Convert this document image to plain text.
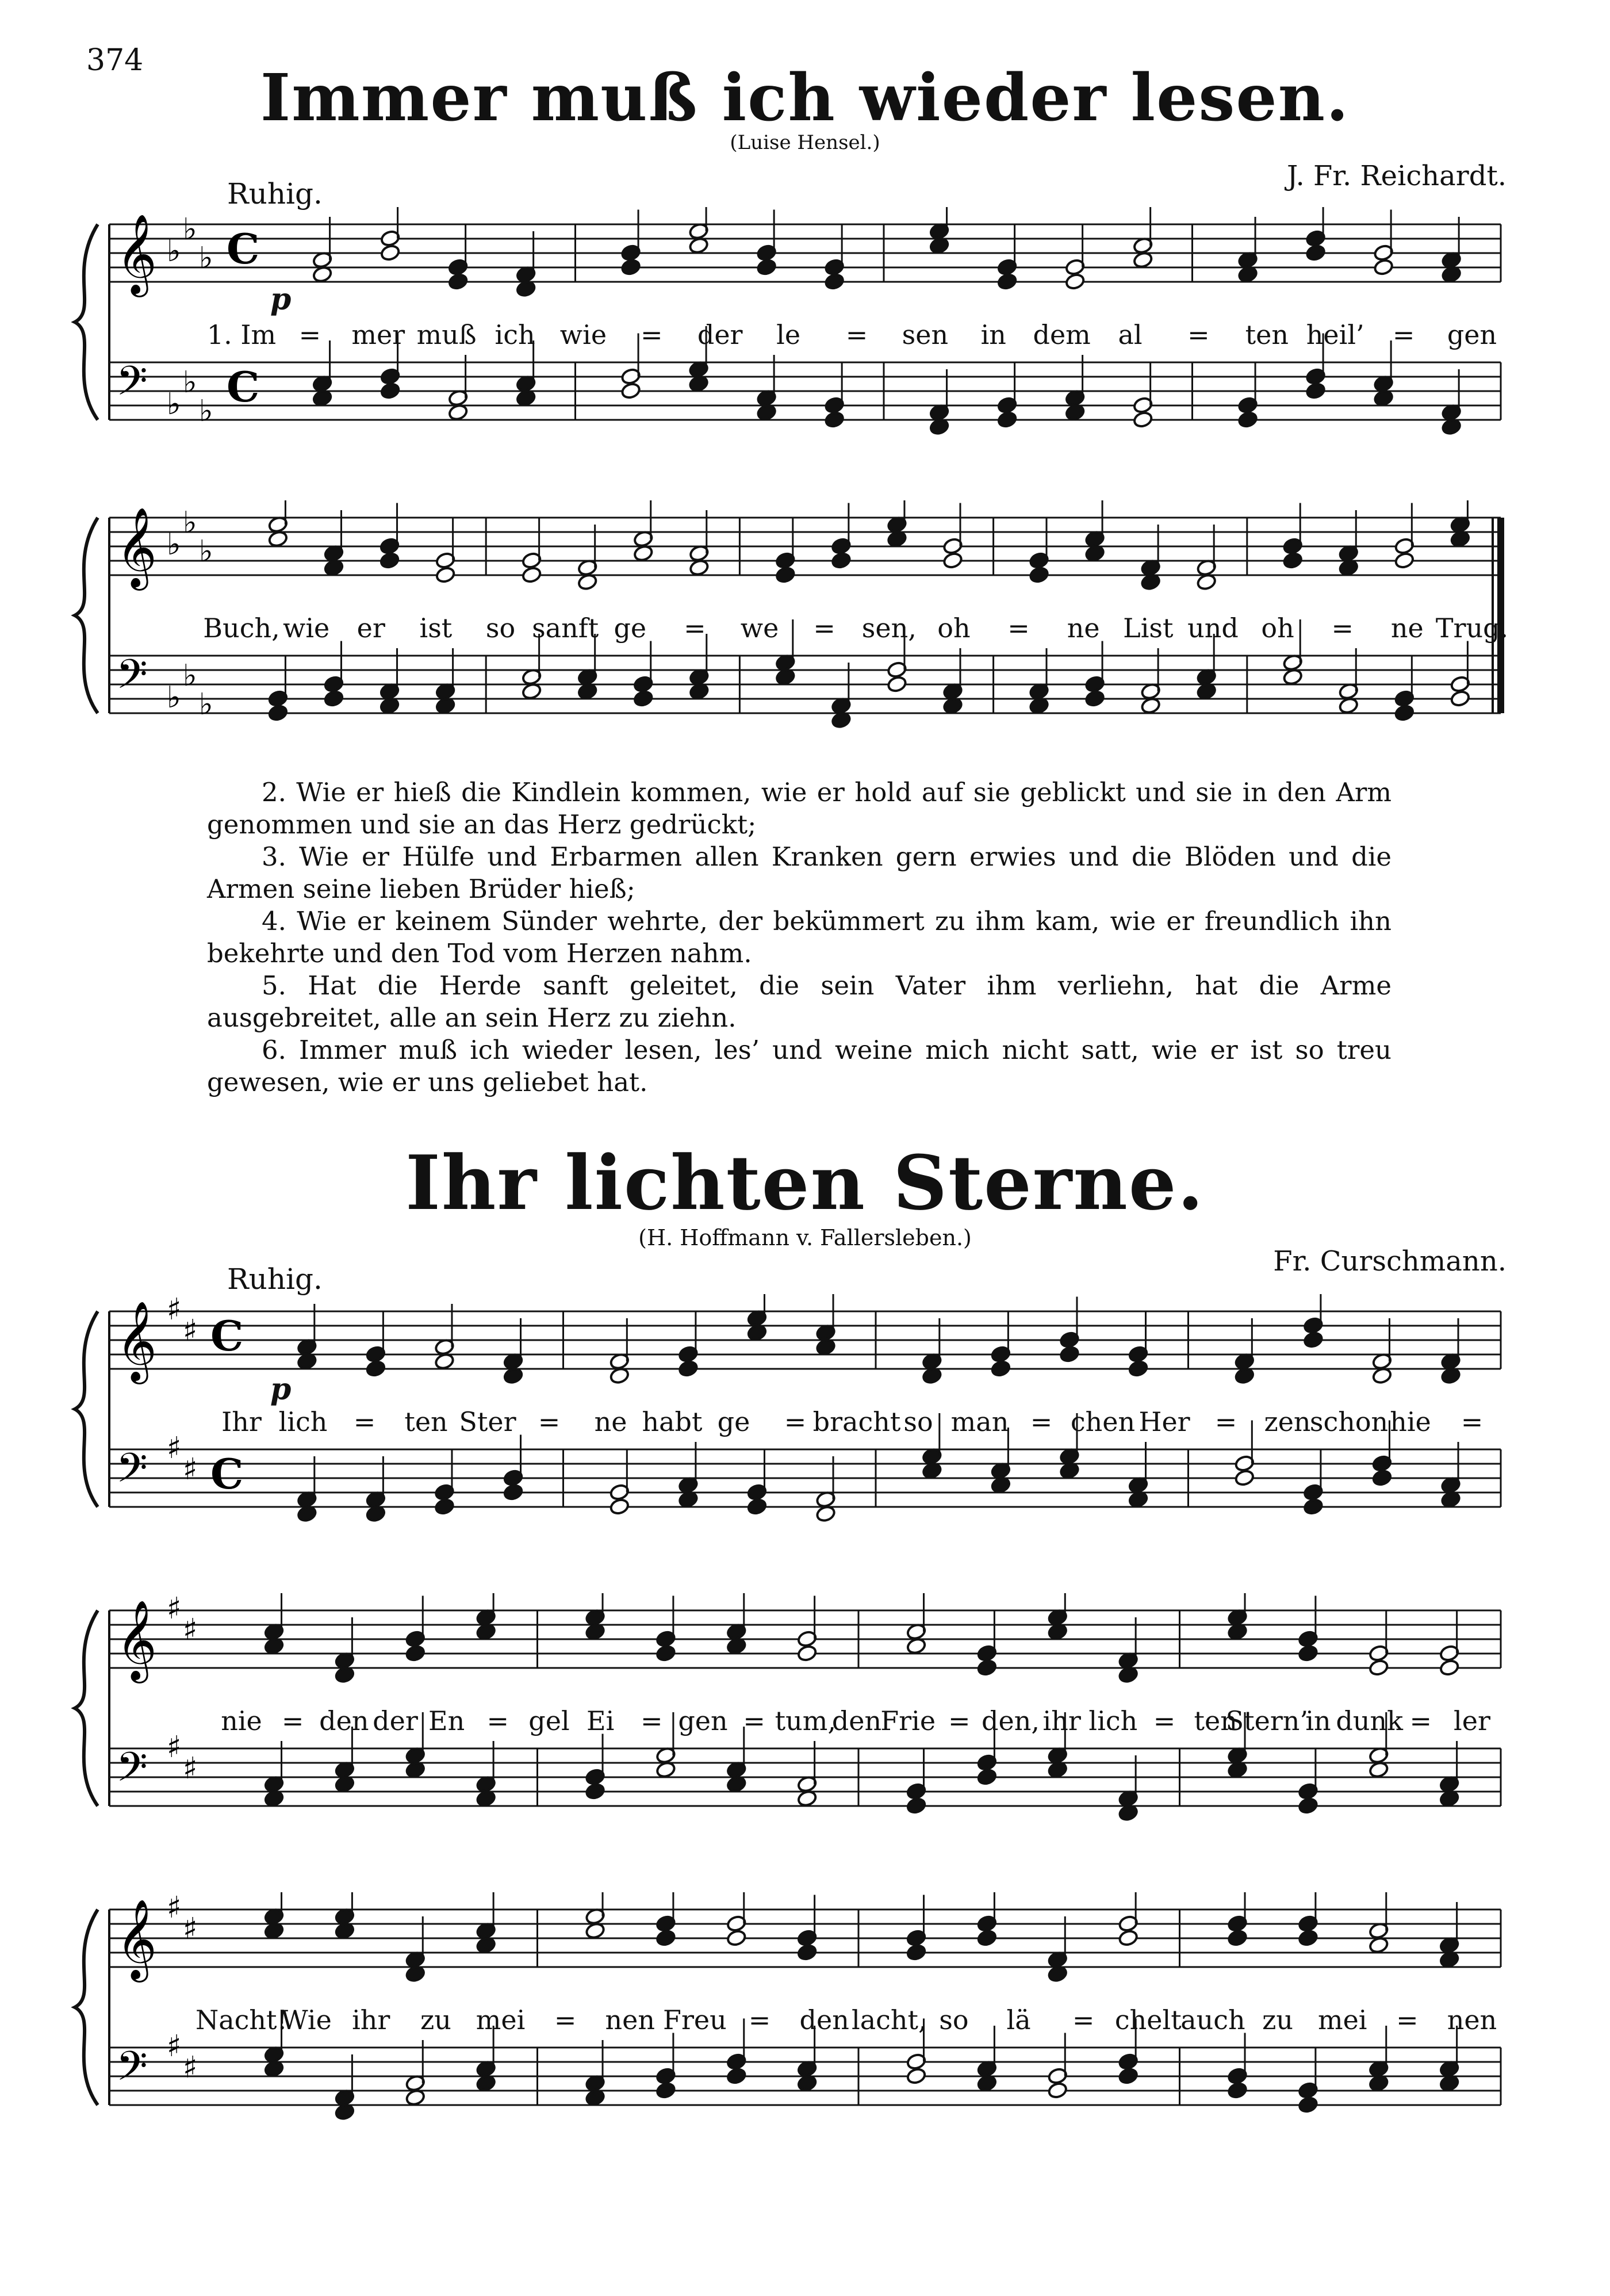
374	Immer muß ich wieder lesen.
(Luise Hensel.)
J. Fr. Reichardt.
Ruhig.
p
𝄞
𝄢
♭
♭
♭
♭
♭
♭
C
C
𝄞
𝄢
♭
♭
♭
♭
♭
♭
1. Im = mer muß ich wie = der le = sen in dem al = ten heil’ = gen
Buch, wie er ist so sanft ge = we = sen, oh = ne List und oh = ne Trug.

2. Wie er hieß die Kindlein kommen, wie er hold auf sie geblickt und sie in den Arm genommen und sie an das Herz gedrückt;

3. Wie er Hülfe und Erbarmen allen Kranken gern erwies und die Blöden und die Armen seine lieben Brüder hieß;

4. Wie er keinem Sünder wehrte, der bekümmert zu ihm kam, wie er freundlich ihn bekehrte und den Tod vom Herzen nahm.

5. Hat die Herde sanft geleitet, die sein Vater ihm verliehn, hat die Arme ausgebreitet, alle an sein Herz zu ziehn.

6. Immer muß ich wieder lesen, les’ und weine mich nicht satt, wie er ist so treu gewesen, wie er uns geliebet hat.

Ihr lichten Sterne.
(H. Hoffmann v. Fallersleben.)
Fr. Curschmann.
Ruhig.
p
𝄞
𝄢
♯
♯
♯
♯
C
C
𝄞
𝄢
♯
♯
♯
♯
𝄞
𝄢
♯
♯
♯
♯
Ihr lich = ten Ster = ne habt ge = bracht so man = chen Her = zen
schon hie =
nie = den der En = gel Ei = gen = tum,
den
Frie = den, ihr lich = ten
Stern’
in dunk = ler
Nacht!
Wie ihr zu mei = nen Freu = den lacht, so lä = chelt
auch zu mei = nen
